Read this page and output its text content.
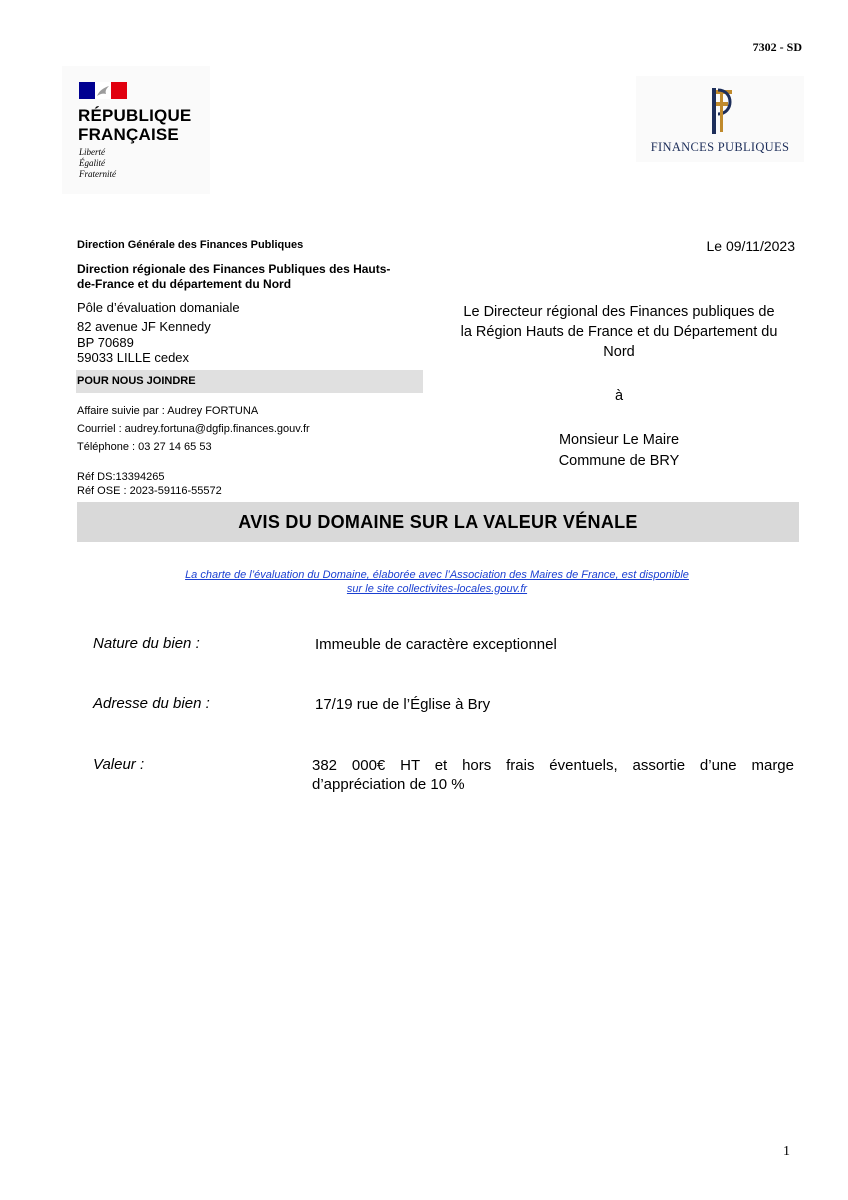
7302 - SD
RÉPUBLIQUE
FRANÇAISE
Liberté
Égalité
Fraternité
FINANCES PUBLIQUES
Direction Générale des Finances Publiques
Direction régionale des Finances Publiques des Hauts-
de-France et du département du Nord
Pôle d’évaluation domaniale
82 avenue JF Kennedy
BP 70689
59033 LILLE cedex
POUR NOUS JOINDRE
Affaire suivie par : Audrey FORTUNA
Courriel : audrey.fortuna@dgfip.finances.gouv.fr
Téléphone : 03 27 14 65 53
Réf DS:13394265
Réf OSE : 2023-59116-55572
Le 09/11/2023
Le Directeur régional des Finances publiques de
la Région Hauts de France et du Département du
Nord
à
Monsieur Le Maire
Commune de BRY
AVIS DU DOMAINE SUR LA VALEUR VÉNALE
La charte de l’évaluation du Domaine, élaborée avec l’Association des Maires de France, est disponible
sur le site collectivites-locales.gouv.fr
Nature du bien :	Immeuble de caractère exceptionnel
Adresse du bien :	17/19 rue de l’Église à Bry
Valeur :	382 000€ HT et hors frais éventuels, assortie d’une marge
d’appréciation de 10 %
1
